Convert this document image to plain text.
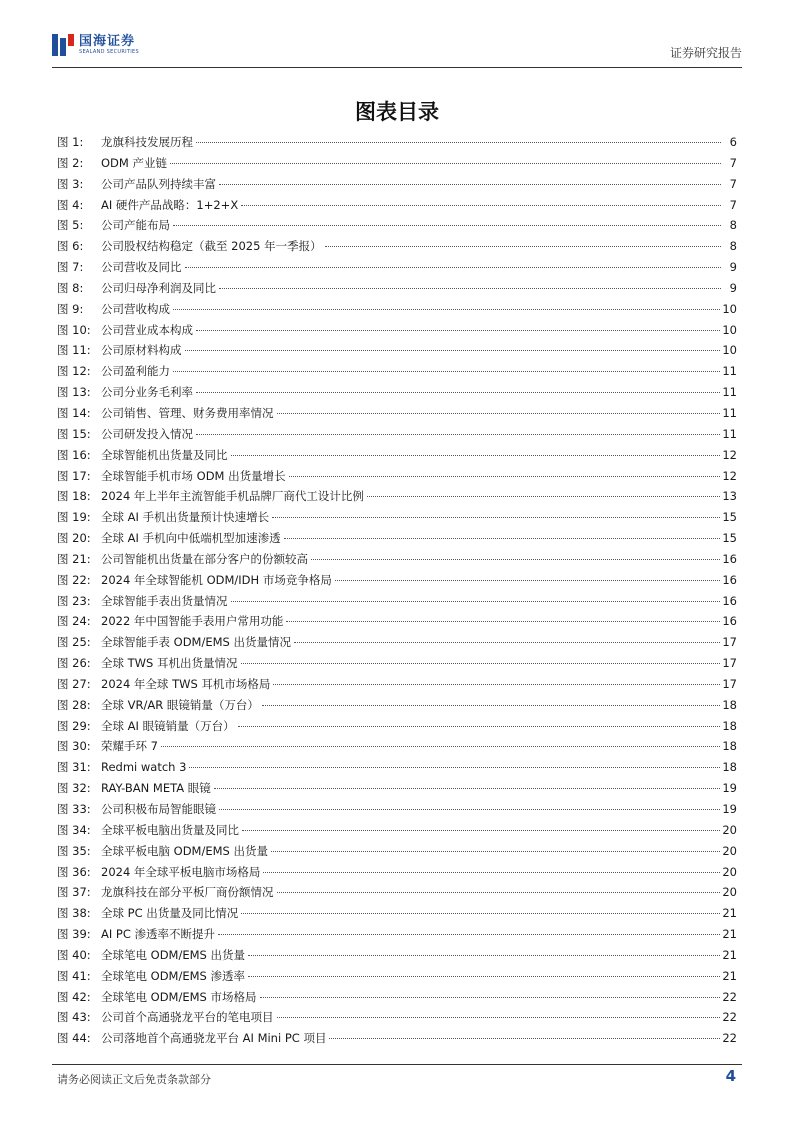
国海证券
SEALAND SECURITIES	证券研究报告
图表目录
图 1:	龙旗科技发展历程	6
图 2:	ODM 产业链	7
图 3:	公司产品队列持续丰富	7
图 4:	AI 硬件产品战略：1+2+X	7
图 5:	公司产能布局	8
图 6:	公司股权结构稳定（截至 2025 年一季报）	8
图 7:	公司营收及同比	9
图 8:	公司归母净利润及同比	9
图 9:	公司营收构成	10
图 10: 公司营业成本构成	10
图 11: 公司原材料构成	10
图 12: 公司盈利能力	11
图 13: 公司分业务毛利率	11
图 14: 公司销售、管理、财务费用率情况	11
图 15: 公司研发投入情况	11
图 16: 全球智能机出货量及同比	12
图 17: 全球智能手机市场 ODM 出货量增长	12
图 18: 2024 年上半年主流智能手机品牌厂商代工设计比例	13
图 19: 全球 AI 手机出货量预计快速增长	15
图 20: 全球 AI 手机向中低端机型加速渗透	15
图 21: 公司智能机出货量在部分客户的份额较高	16
图 22: 2024 年全球智能机 ODM/IDH 市场竞争格局	16
图 23: 全球智能手表出货量情况	16
图 24: 2022 年中国智能手表用户常用功能	16
图 25: 全球智能手表 ODM/EMS 出货量情况	17
图 26: 全球 TWS 耳机出货量情况	17
图 27: 2024 年全球 TWS 耳机市场格局	17
图 28: 全球 VR/AR 眼镜销量（万台）	18
图 29: 全球 AI 眼镜销量（万台）	18
图 30: 荣耀手环 7	18
图 31: Redmi watch 3	18
图 32: RAY-BAN META 眼镜	19
图 33: 公司积极布局智能眼镜	19
图 34: 全球平板电脑出货量及同比	20
图 35: 全球平板电脑 ODM/EMS 出货量	20
图 36: 2024 年全球平板电脑市场格局	20
图 37: 龙旗科技在部分平板厂商份额情况	20
图 38: 全球 PC 出货量及同比情况	21
图 39: AI PC 渗透率不断提升	21
图 40: 全球笔电 ODM/EMS 出货量	21
图 41: 全球笔电 ODM/EMS 渗透率	21
图 42: 全球笔电 ODM/EMS 市场格局	22
图 43: 公司首个高通骁龙平台的笔电项目	22
图 44: 公司落地首个高通骁龙平台 AI Mini PC 项目	22
请务必阅读正文后免责条款部分	4
